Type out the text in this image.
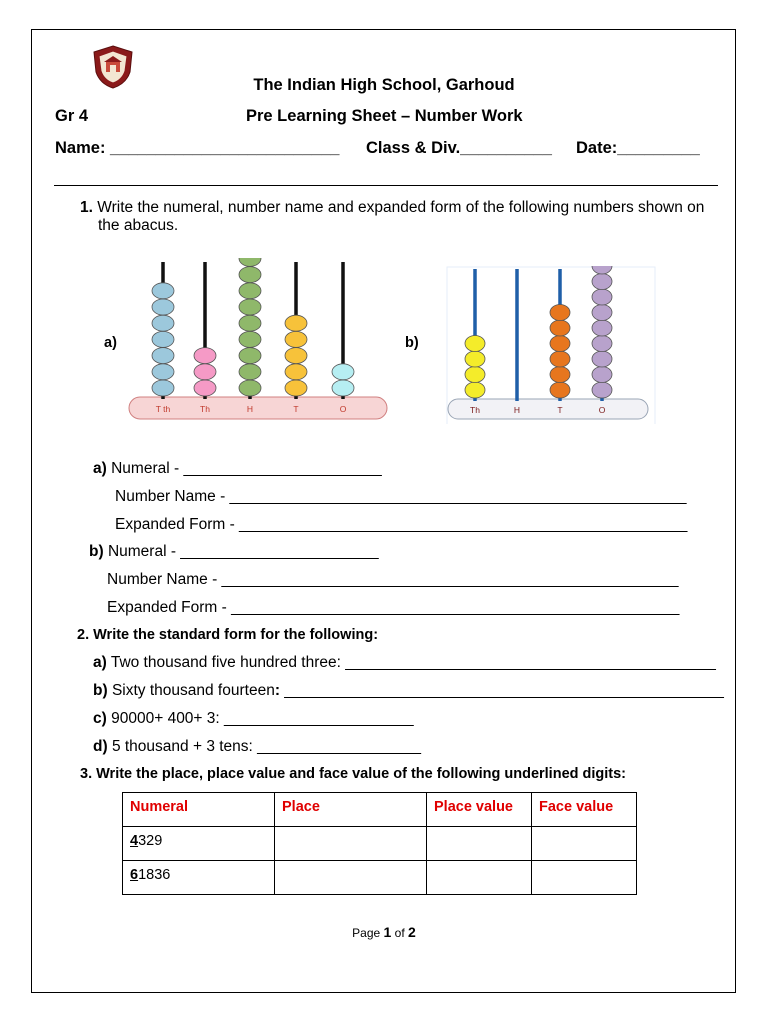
The Indian High School, Garhoud
Gr 4	Pre Learning Sheet – Number Work
Name: _________________________ Class & Div.__________ Date:_________
1. Write the numeral, number name and expanded form of the following numbers shown on
the abacus.
a)	b)
T th	Th	H	T	O	Th	H	T	O
a) Numeral - _______________________
Number Name - _____________________________________________________
Expanded Form - ____________________________________________________
b) Numeral - _______________________
Number Name - _____________________________________________________
Expanded Form - ____________________________________________________
2. Write the standard form for the following:
a) Two thousand five hundred three: ___________________________________________
b) Sixty thousand fourteen: ___________________________________________________
c) 90000+ 400+ 3: ______________________
d) 5 thousand + 3 tens: ___________________
3. Write the place, place value and face value of the following underlined digits:
Numeral	Place	Place value	Face value
4329			
61836			
Page 1 of 2
